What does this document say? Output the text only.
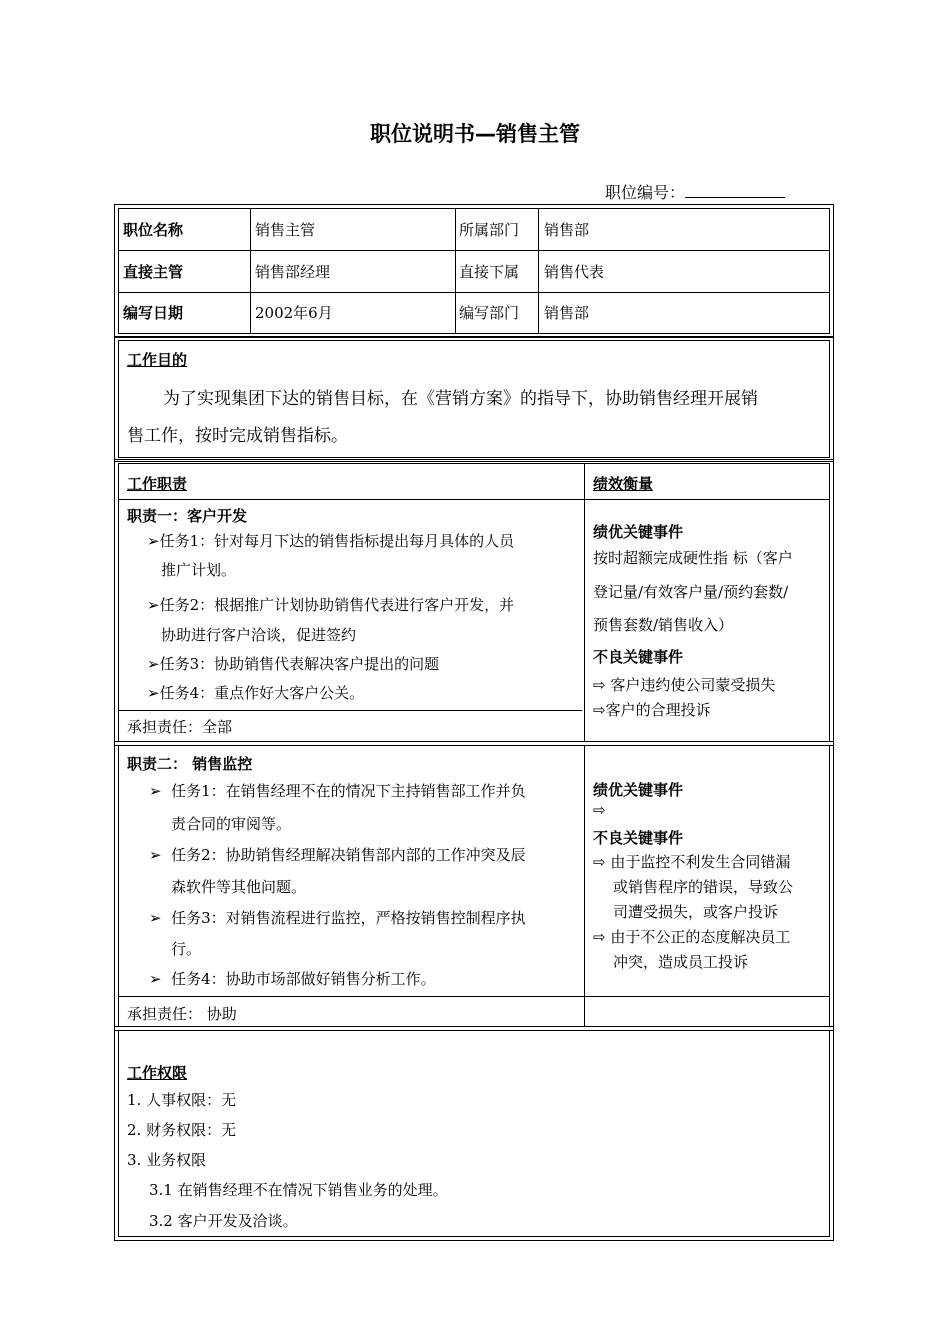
职位说明书—销售主管
职位编号：
职位名称	销售主管	所属部门 销售部
直接主管	销售部经理	直接下属 销售代表
编写日期	2002年6月	编写部门 销售部
工作目的
为了实现集团下达的销售目标，在《营销方案》的指导下，协助销售经理开展销
售工作，按时完成销售指标。
工作职责	绩效衡量
职责一：客户开发
➢任务1：针对每月下达的销售指标提出每月具体的人员
推广计划。
➢任务2：根据推广计划协助销售代表进行客户开发，并
协助进行客户洽谈，促进签约
➢任务3：协助销售代表解决客户提出的问题
➢任务4：重点作好大客户公关。
承担责任：全部
绩优关键事件
按时超额完成硬性指 标（客户
登记量/有效客户量/预约套数/
预售套数/销售收入）
不良关键事件
⇨ 客户违约使公司蒙受损失
⇨客户的合理投诉
职责二： 销售监控
➢ 任务1：在销售经理不在的情况下主持销售部工作并负
责合同的审阅等。
➢ 任务2：协助销售经理解决销售部内部的工作冲突及辰
森软件等其他问题。
➢ 任务3：对销售流程进行监控，严格按销售控制程序执
行。
➢ 任务4：协助市场部做好销售分析工作。
承担责任： 协助
绩优关键事件
⇨
不良关键事件
⇨ 由于监控不利发生合同错漏
或销售程序的错误，导致公
司遭受损失，或客户投诉
⇨ 由于不公正的态度解决员工
冲突，造成员工投诉
工作权限
1. 人事权限：无
2. 财务权限：无
3. 业务权限
3.1 在销售经理不在情况下销售业务的处理。
3.2 客户开发及洽谈。
